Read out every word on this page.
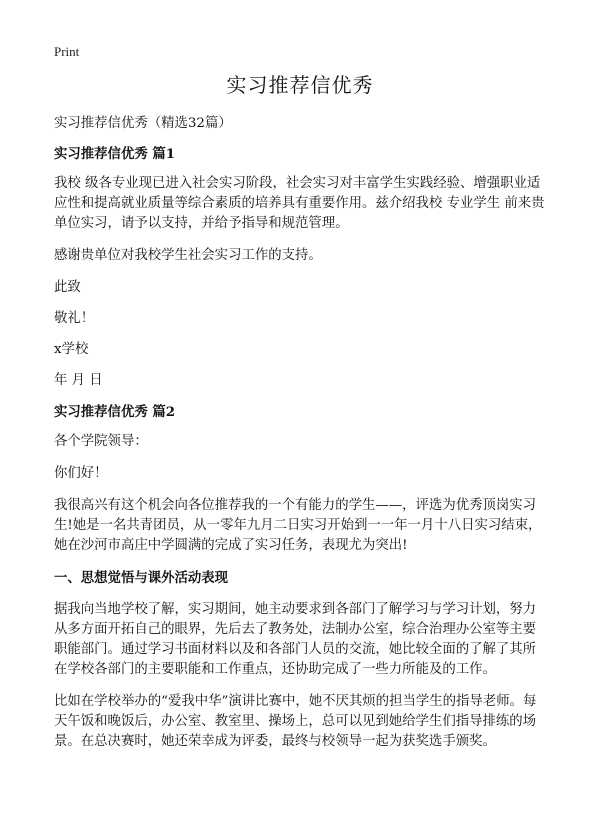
Print
实习推荐信优秀

实习推荐信优秀（精选32篇）

实习推荐信优秀 篇1

我校 级各专业现已进入社会实习阶段，社会实习对丰富学生实践经验、增强职业适应性和提高就业质量等综合素质的培养具有重要作用。兹介绍我校 专业学生 前来贵单位实习，请予以支持，并给予指导和规范管理。

感谢贵单位对我校学生社会实习工作的支持。

此致

敬礼！

x学校

年 月 日

实习推荐信优秀 篇2

各个学院领导：

你们好！

我很高兴有这个机会向各位推荐我的一个有能力的学生——，评选为优秀顶岗实习生!她是一名共青团员，从一零年九月二日实习开始到一一年一月十八日实习结束，她在沙河市高庄中学圆满的完成了实习任务，表现尤为突出!

一、思想觉悟与课外活动表现

据我向当地学校了解，实习期间，她主动要求到各部门了解学习与学习计划，努力从多方面开拓自己的眼界，先后去了教务处，法制办公室，综合治理办公室等主要职能部门。通过学习书面材料以及和各部门人员的交流，她比较全面的了解了其所在学校各部门的主要职能和工作重点，还协助完成了一些力所能及的工作。

比如在学校举办的“爱我中华”演讲比赛中，她不厌其烦的担当学生的指导老师。每天午饭和晚饭后，办公室、教室里、操场上，总可以见到她给学生们指导排练的场景。在总决赛时，她还荣幸成为评委，最终与校领导一起为获奖选手颁奖。
